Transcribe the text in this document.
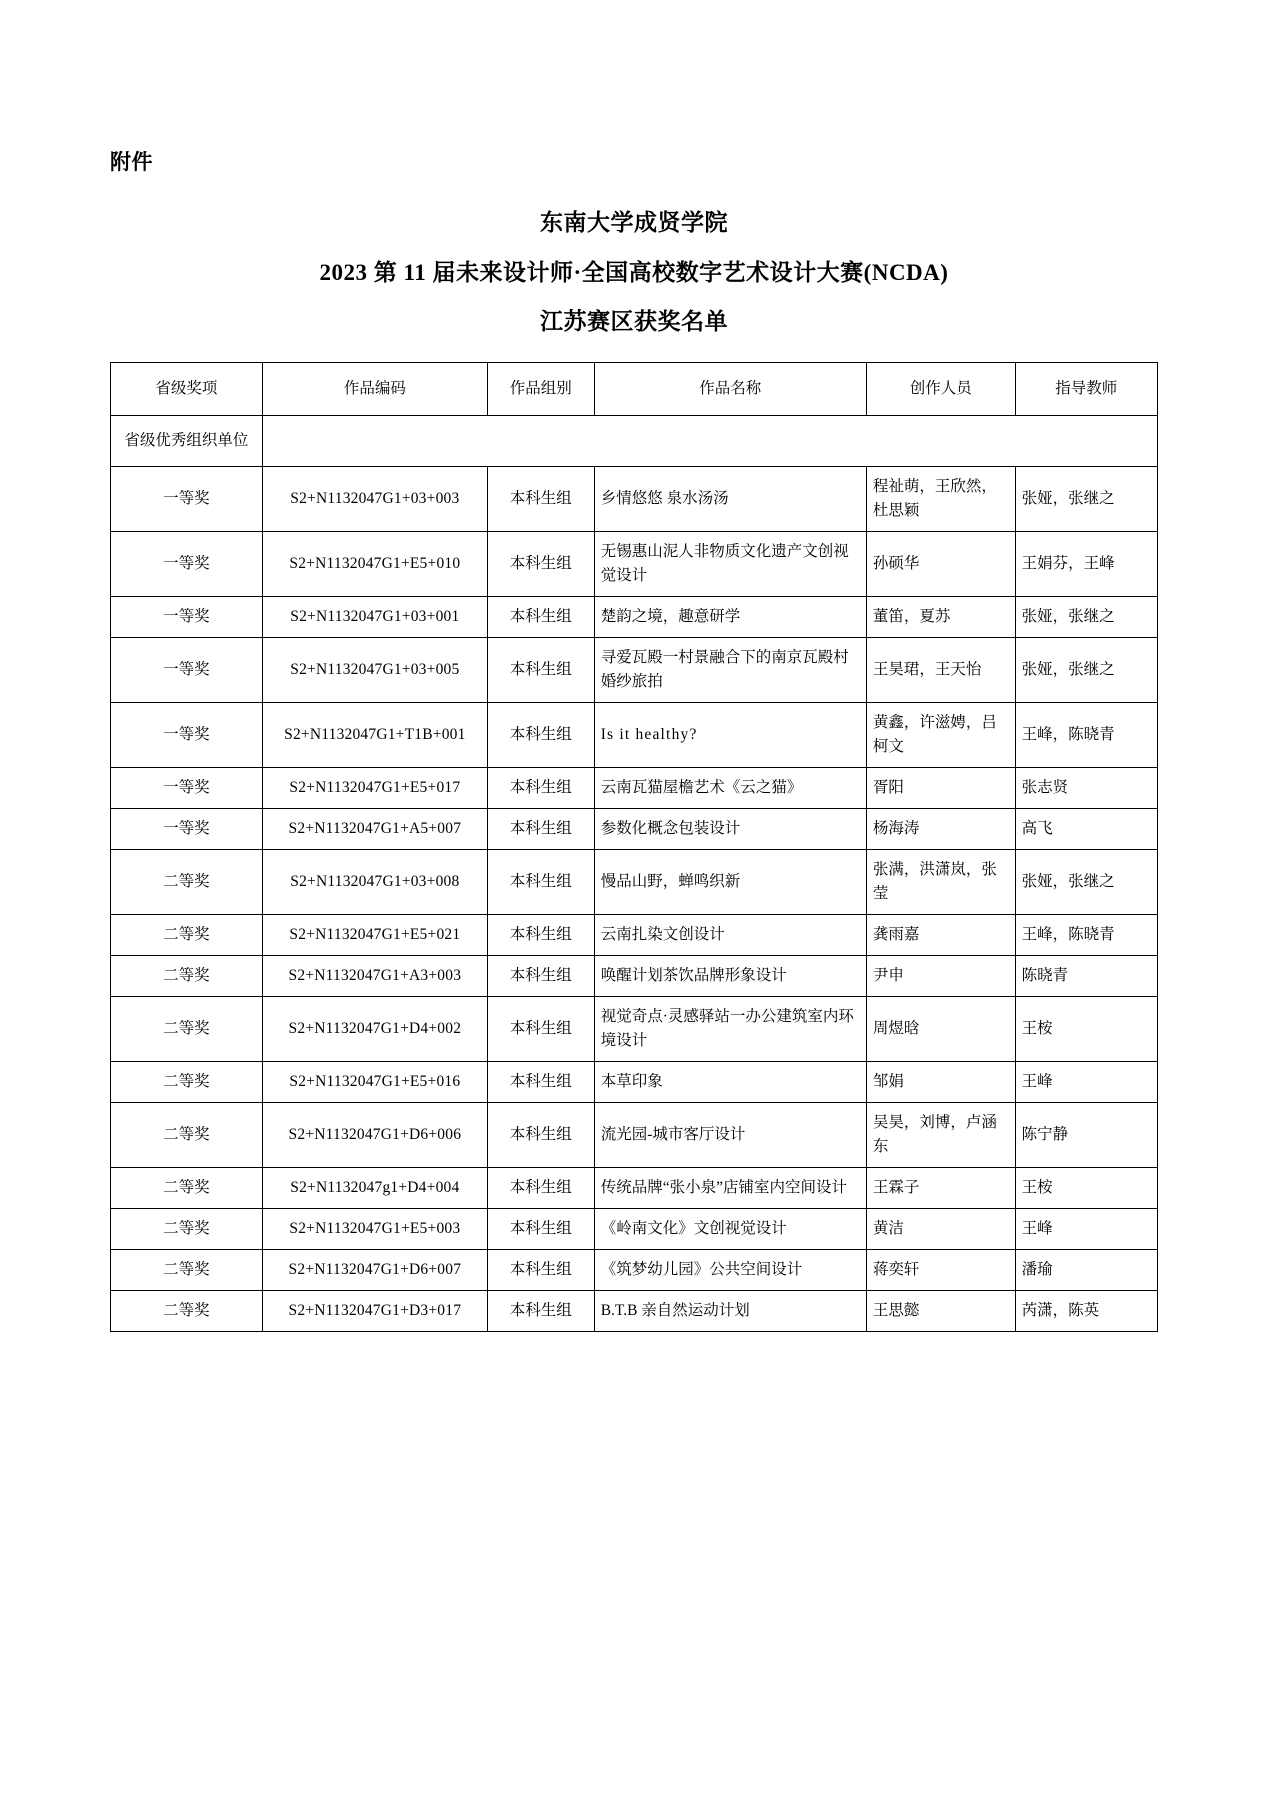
附件
东南大学成贤学院
2023 第 11 届未来设计师·全国高校数字艺术设计大赛(NCDA)
江苏赛区获奖名单
省级奖项	作品编码	作品组别	作品名称	创作人员	指导教师
省级优秀组织单位					
一等奖	S2+N1132047G1+03+003	本科生组	乡情悠悠 泉水汤汤	程祉萌，王欣然，杜思颖	张娅，张继之
一等奖	S2+N1132047G1+E5+010	本科生组	无锡惠山泥人非物质文化遗产文创视觉设计	孙硕华	王娟芬，王峰
一等奖	S2+N1132047G1+03+001	本科生组	楚韵之境，趣意研学	董笛，夏苏	张娅，张继之
一等奖	S2+N1132047G1+03+005	本科生组	寻爱瓦殿一村景融合下的南京瓦殿村婚纱旅拍	王昊珺，王天怡	张娅，张继之
一等奖	S2+N1132047G1+T1B+001	本科生组	Is it healthy?	黄鑫，许滋娉，吕柯文	王峰，陈晓青
一等奖	S2+N1132047G1+E5+017	本科生组	云南瓦猫屋檐艺术《云之猫》	胥阳	张志贤
一等奖	S2+N1132047G1+A5+007	本科生组	参数化概念包装设计	杨海涛	高飞
二等奖	S2+N1132047G1+03+008	本科生组	慢品山野，蝉鸣织新	张满，洪潇岚，张莹	张娅，张继之
二等奖	S2+N1132047G1+E5+021	本科生组	云南扎染文创设计	龚雨嘉	王峰，陈晓青
二等奖	S2+N1132047G1+A3+003	本科生组	唤醒计划茶饮品牌形象设计	尹申	陈晓青
二等奖	S2+N1132047G1+D4+002	本科生组	视觉奇点·灵感驿站一办公建筑室内环境设计	周煜晗	王桉
二等奖	S2+N1132047G1+E5+016	本科生组	本草印象	邹娟	王峰
二等奖	S2+N1132047G1+D6+006	本科生组	流光园-城市客厅设计	吴昊，刘博，卢涵东	陈宁静
二等奖	S2+N1132047g1+D4+004	本科生组	传统品牌“张小泉”店铺室内空间设计	王霖子	王桉
二等奖	S2+N1132047G1+E5+003	本科生组	《岭南文化》文创视觉设计	黄洁	王峰
二等奖	S2+N1132047G1+D6+007	本科生组	《筑梦幼儿园》公共空间设计	蒋奕轩	潘瑜
二等奖	S2+N1132047G1+D3+017	本科生组	B.T.B 亲自然运动计划	王思懿	芮潇，陈英
